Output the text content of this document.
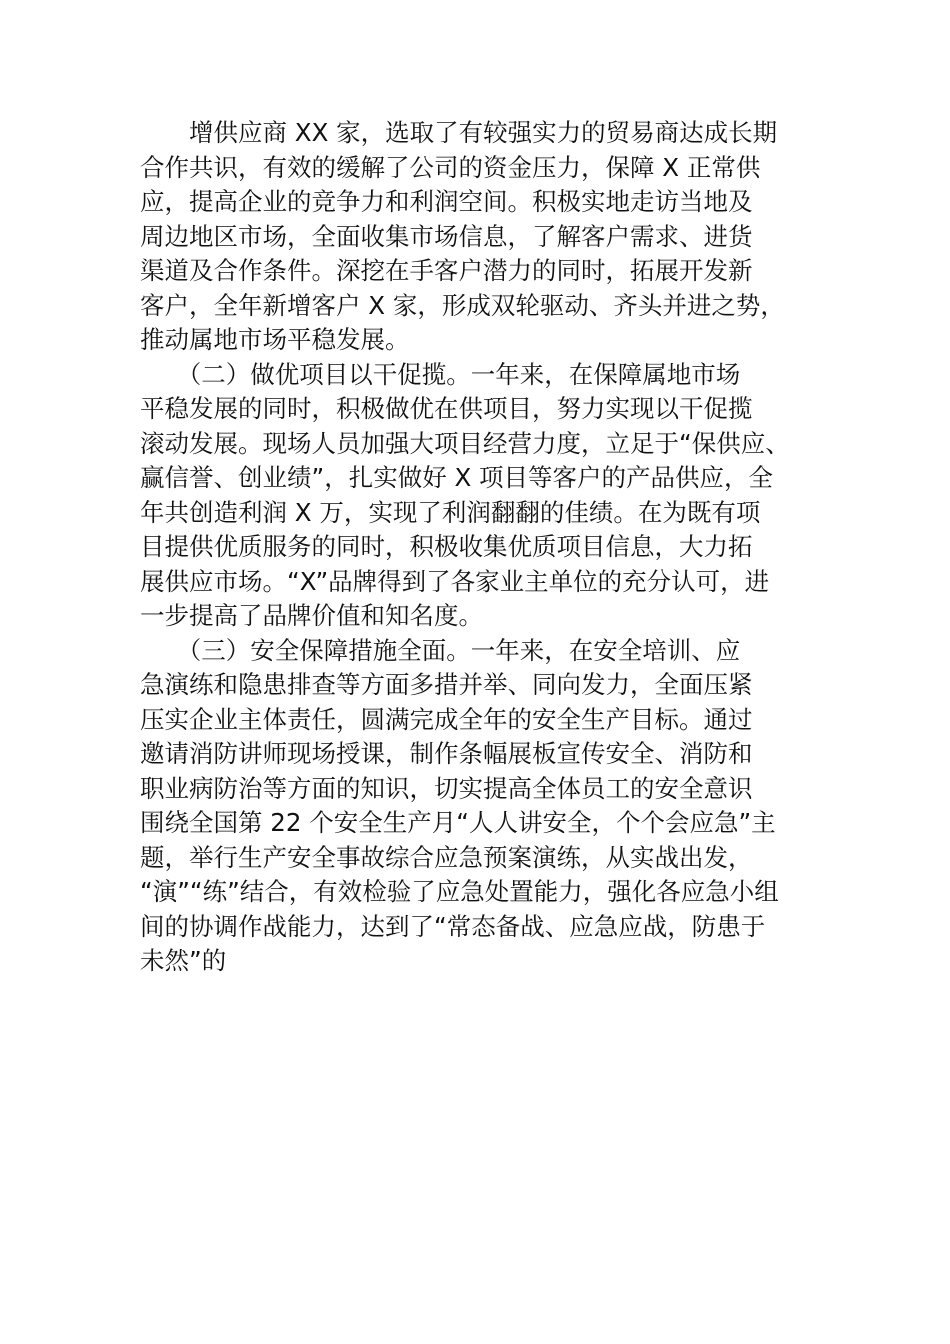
　　增供应商 XX 家，选取了有较强实力的贸易商达成长期
合作共识，有效的缓解了公司的资金压力，保障 X 正常供
应，提高企业的竞争力和利润空间。积极实地走访当地及
周边地区市场，全面收集市场信息，了解客户需求、进货
渠道及合作条件。深挖在手客户潜力的同时，拓展开发新
客户，全年新增客户 X 家，形成双轮驱动、齐头并进之势，
推动属地市场平稳发展。
　　（二）做优项目以干促揽。一年来，在保障属地市场
平稳发展的同时，积极做优在供项目，努力实现以干促揽
滚动发展。现场人员加强大项目经营力度，立足于“保供应、
赢信誉、创业绩”，扎实做好 X 项目等客户的产品供应，全
年共创造利润 X 万，实现了利润翻翻的佳绩。在为既有项
目提供优质服务的同时，积极收集优质项目信息，大力拓
展供应市场。“X”品牌得到了各家业主单位的充分认可，进
一步提高了品牌价值和知名度。
　　（三）安全保障措施全面。一年来，在安全培训、应
急演练和隐患排查等方面多措并举、同向发力，全面压紧
压实企业主体责任，圆满完成全年的安全生产目标。通过
邀请消防讲师现场授课，制作条幅展板宣传安全、消防和
职业病防治等方面的知识，切实提高全体员工的安全意识
围绕全国第 22 个安全生产月“人人讲安全，个个会应急”主
题，举行生产安全事故综合应急预案演练，从实战出发，
“演”“练”结合，有效检验了应急处置能力，强化各应急小组
间的协调作战能力，达到了“常态备战、应急应战，防患于
未然”的
